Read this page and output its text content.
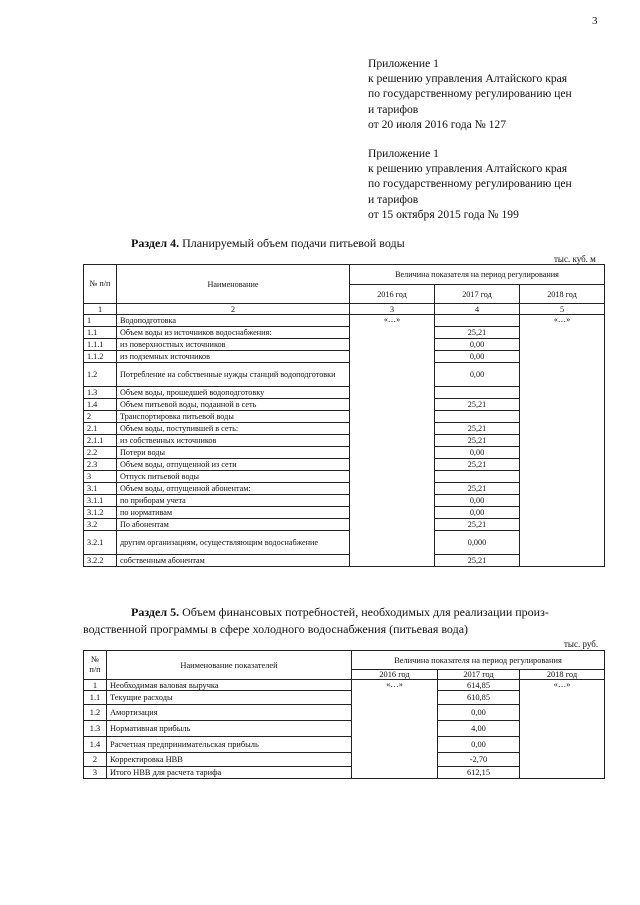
3
Приложение 1
к решению управления Алтайского края
по государственному регулированию цен
и тарифов
от 20 июля 2016 года № 127
Приложение 1
к решению управления Алтайского края
по государственному регулированию цен
и тарифов
от 15 октября 2015 года № 199
Раздел 4. Планируемый объем подачи питьевой воды
тыс. куб. м
№ п/п	Наименование	Величина показателя на период регулирования		
		2016 год	2017 год	2018 год
1	2	3	4	5
1	Водоподготовка	«…»		«…»
1.1	Объем воды из источников водоснабжения:		25,21	
1.1.1	из поверхностных источников		0,00	
1.1.2	из подземных источников		0,00	
1.2	Потребление на собственные нужды станций водоподготовки		0,00	
1.3	Объем воды, прошедшей водоподготовку			
1.4	Объем питьевой воды, поданной в сеть		25,21	
2	Транспортировка питьевой воды			
2.1	Объем воды, поступившей в сеть:		25,21	
2.1.1	из собственных источников		25,21	
2.2	Потери воды		0,00	
2.3	Объем воды, отпущенной из сети		25,21	
3	Отпуск питьевой воды			
3.1	Объем воды, отпущенной абонентам:		25,21	
3.1.1	по приборам учета		0,00	
3.1.2	по нормативам		0,00	
3.2	По абонентам		25,21	
3.2.1	другим организациям, осуществляющим водоснабжение		0,000	
3.2.2	собственным абонентам		25,21	
Раздел 5. Объем финансовых потребностей, необходимых для реализации произ-
водственной программы в сфере холодного водоснабжения (питьевая вода)
тыс. руб.
№ п/п	Наименование показателей	Величина показателя на период регулирования		
		2016 год	2017 год	2018 год
1	Необходимая валовая выручка	«…»	614,85	«…»
1.1	Текущие расходы		610,85	
1.2	Амортизация		0,00	
1.3	Нормативная прибыль		4,00	
1.4	Расчетная предпринимательская прибыль		0,00	
2	Корректировка НВВ		-2,70	
3	Итого НВВ для расчета тарифа		612,15	
